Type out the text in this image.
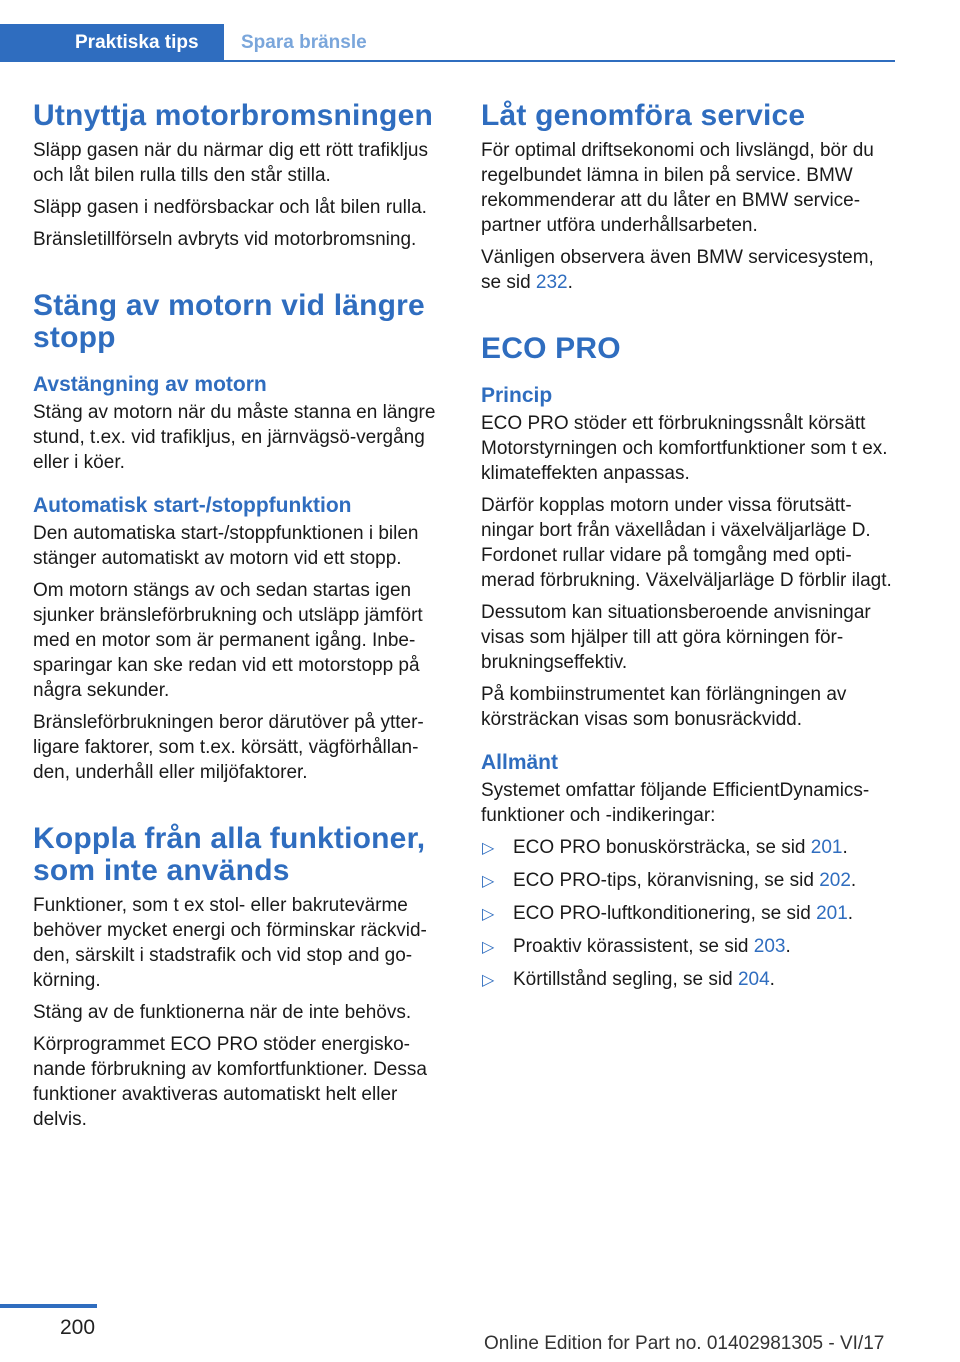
Praktiska tips	Spara bränsle
Utnyttja motorbromsningen

Släpp gasen när du närmar dig ett rött trafikljus och låt bilen rulla tills den står stilla.

Släpp gasen i nedförsbackar och låt bilen rulla.

Bränsletillförseln avbryts vid motorbromsning.

Stäng av motorn vid längre stopp
Avstängning av motorn

Stäng av motorn när du måste stanna en längre stund, t.ex. vid trafikljus, en järnvägsö-vergång eller i köer.

Automatisk start-/stoppfunktion

Den automatiska start-/stoppfunktionen i bilen stänger automatiskt av motorn vid ett stopp.

Om motorn stängs av och sedan startas igen sjunker bränsleförbrukning och utsläpp jämfört med en motor som är permanent igång. Inbe-sparingar kan ske redan vid ett motorstopp på några sekunder.

Bränsleförbrukningen beror därutöver på ytter-ligare faktorer, som t.ex. körsätt, vägförhållan-den, underhåll eller miljöfaktorer.

Koppla från alla funktioner, som inte används

Funktioner, som t ex stol- eller bakrutevärme behöver mycket energi och förminskar räckvid-den, särskilt i stadstrafik och vid stop and go-körning.

Stäng av de funktionerna när de inte behövs.

Körprogrammet ECO PRO stöder energisko-nande förbrukning av komfortfunktioner. Dessa funktioner avaktiveras automatiskt helt eller delvis.

Låt genomföra service

För optimal driftsekonomi och livslängd, bör du regelbundet lämna in bilen på service. BMW rekommenderar att du låter en BMW service-partner utföra underhållsarbeten.

Vänligen observera även BMW servicesystem, se sid 232.

ECO PRO
Princip

ECO PRO stöder ett förbrukningssnålt körsätt Motorstyrningen och komfortfunktioner som t ex. klimateffekten anpassas.

Därför kopplas motorn under vissa förutsätt-ningar bort från växellådan i växelväljarläge D. Fordonet rullar vidare på tomgång med opti-merad förbrukning. Växelväljarläge D förblir ilagt.

Dessutom kan situationsberoende anvisningar visas som hjälper till att göra körningen för-brukningseffektiv.

På kombiinstrumentet kan förlängningen av körsträckan visas som bonusräckvidd.

Allmänt

Systemet omfattar följande EfficientDynamics-funktioner och -indikeringar:

▷ ECO PRO bonuskörsträcka, se sid 201.
▷ ECO PRO-tips, köranvisning, se sid 202.
▷ ECO PRO-luftkonditionering, se sid 201.
▷ Proaktiv körassistent, se sid 203.
▷ Körtillstånd segling, se sid 204.
200
Online Edition for Part no. 01402981305 - VI/17
